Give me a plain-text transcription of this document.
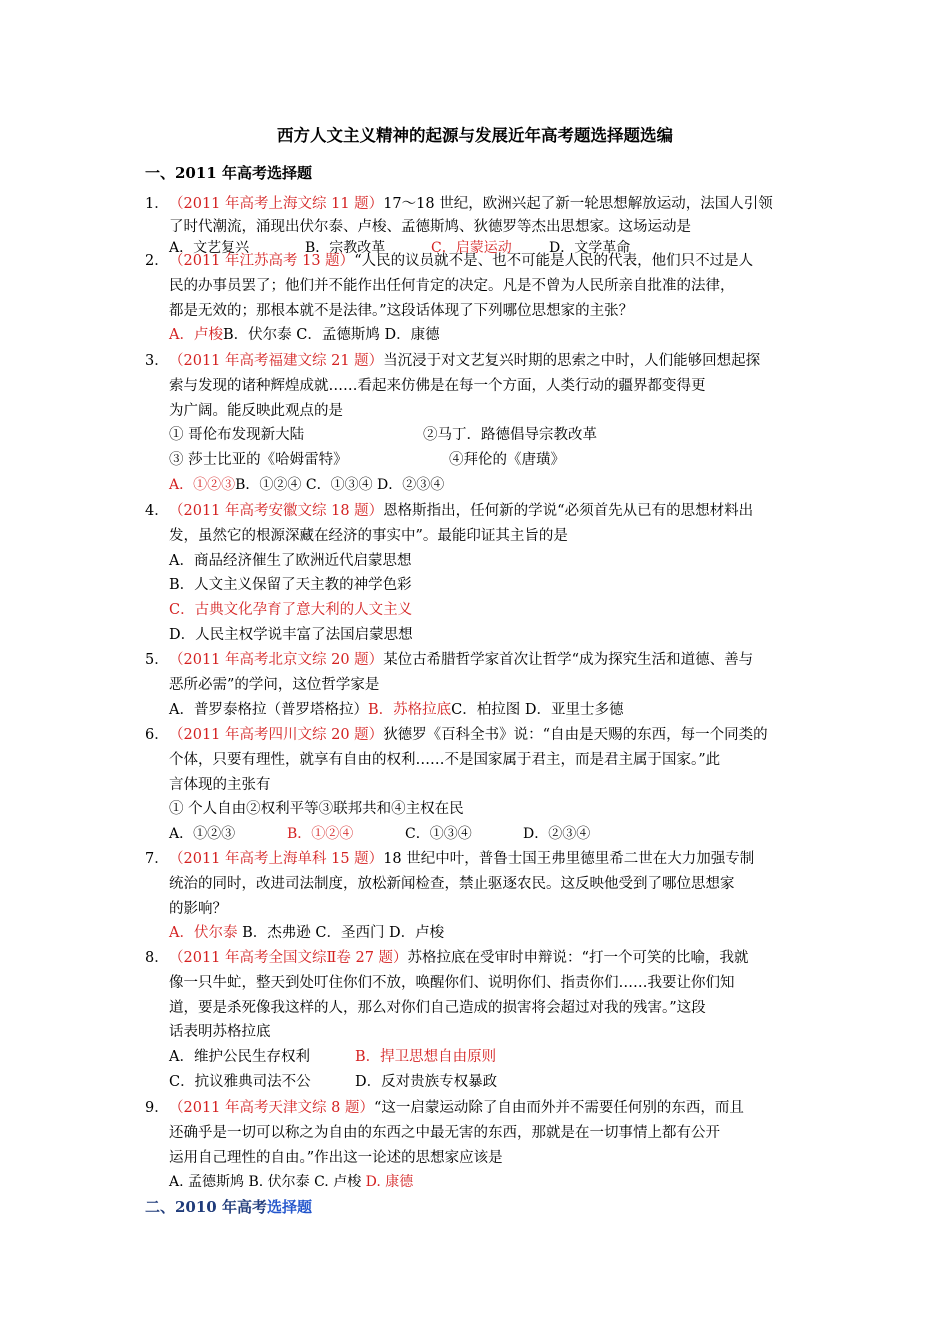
西方人文主义精神的起源与发展近年高考题选择题选编
一、2011 年高考选择题
1． （2011 年高考上海文综 11 题）17～18 世纪，欧洲兴起了新一轮思想解放运动，法国人引领
了时代潮流，涌现出伏尔泰、卢梭、孟德斯鸠、狄德罗等杰出思想家。这场运动是
A．文艺复兴	B．宗教改革	C．启蒙运动	D．文学革命
2． （2011 年江苏高考 13 题）“人民的议员就不是、也不可能是人民的代表，他们只不过是人
民的办事员罢了；他们并不能作出任何肯定的决定。凡是不曾为人民所亲自批准的法律，
都是无效的；那根本就不是法律。”这段话体现了下列哪位思想家的主张？
A．卢梭B．伏尔泰 C．孟德斯鸠 D．康德
3． （2011 年高考福建文综 21 题）当沉浸于对文艺复兴时期的思索之中时，人们能够回想起探
索与发现的诸种辉煌成就……看起来仿佛是在每一个方面，人类行动的疆界都变得更
为广阔。能反映此观点的是
① 哥伦布发现新大陆	②马丁．路德倡导宗教改革
③ 莎士比亚的《哈姆雷特》	④拜伦的《唐璜》
A．①②③B．①②④ C．①③④ D．②③④
4． （2011 年高考安徽文综 18 题）恩格斯指出，任何新的学说“必须首先从已有的思想材料出
发，虽然它的根源深藏在经济的事实中”。最能印证其主旨的是
A．商品经济催生了欧洲近代启蒙思想
B．人文主义保留了天主教的神学色彩
C．古典文化孕育了意大利的人文主义
D．人民主权学说丰富了法国启蒙思想
5． （2011 年高考北京文综 20 题）某位古希腊哲学家首次让哲学“成为探究生活和道德、善与
恶所必需”的学问，这位哲学家是
A．普罗泰格拉（普罗塔格拉）B．苏格拉底C．柏拉图 D．亚里士多德
6． （2011 年高考四川文综 20 题）狄德罗《百科全书》说：“自由是天赐的东西，每一个同类的
个体，只要有理性，就享有自由的权利……不是国家属于君主，而是君主属于国家。”此
言体现的主张有
① 个人自由②权利平等③联邦共和④主权在民
A．①②③	B．①②④	C．①③④	D．②③④
7． （2011 年高考上海单科 15 题）18 世纪中叶，普鲁士国王弗里德里希二世在大力加强专制
统治的同时，改进司法制度，放松新闻检查，禁止驱逐农民。这反映他受到了哪位思想家
的影响？
A．伏尔泰 B．杰弗逊 C．圣西门 D．卢梭
8． （2011 年高考全国文综Ⅱ卷 27 题）苏格拉底在受审时申辩说：“打一个可笑的比喻，我就
像一只牛虻，整天到处叮住你们不放，唤醒你们、说明你们、指责你们……我要让你们知
道，要是杀死像我这样的人，那么对你们自己造成的损害将会超过对我的残害。”这段
话表明苏格拉底
A．维护公民生存权利	B．捍卫思想自由原则
C．抗议雅典司法不公	D．反对贵族专权暴政
9． （2011 年高考天津文综 8 题）“这一启蒙运动除了自由而外并不需要任何别的东西，而且
还确乎是一切可以称之为自由的东西之中最无害的东西，那就是在一切事情上都有公开
运用自己理性的自由。”作出这一论述的思想家应该是
A. 孟德斯鸠 B. 伏尔泰 C. 卢梭 D. 康德
二、2010 年高考选择题
